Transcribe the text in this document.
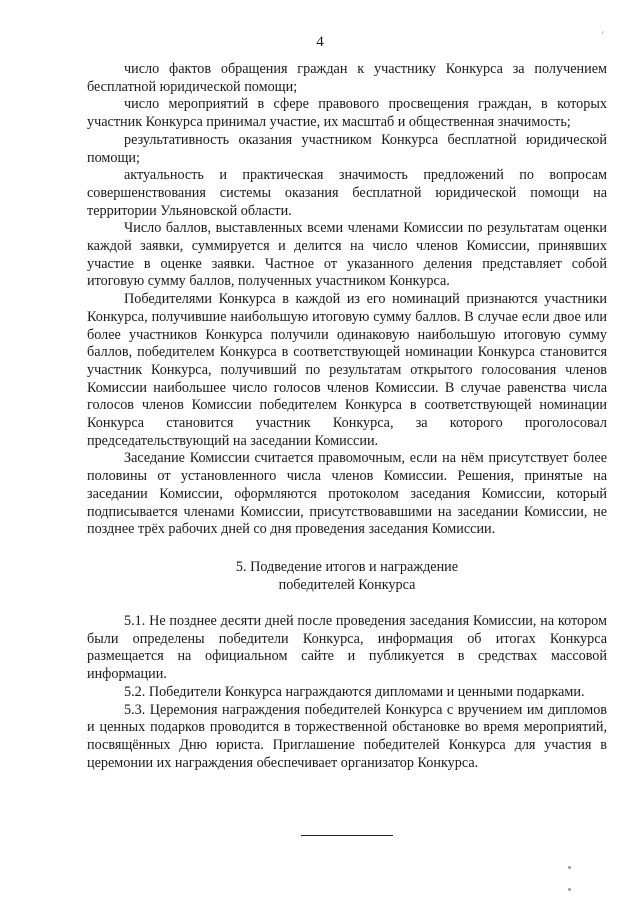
4	'

число фактов обращения граждан к участнику Конкурса за получением бесплатной юридической помощи;

число мероприятий в сфере правового просвещения граждан, в которых участник Конкурса принимал участие, их масштаб и общественная значимость;

результативность оказания участником Конкурса бесплатной юридической помощи;

актуальность и практическая значимость предложений по вопросам совершенствования системы оказания бесплатной юридической помощи на территории Ульяновской области.

Число баллов, выставленных всеми членами Комиссии по результатам оценки каждой заявки, суммируется и делится на число членов Комиссии, принявших участие в оценке заявки. Частное от указанного деления представляет собой итоговую сумму баллов, полученных участником Конкурса.

Победителями Конкурса в каждой из его номинаций признаются участники Конкурса, получившие наибольшую итоговую сумму баллов. В случае если двое или более участников Конкурса получили одинаковую наибольшую итоговую сумму баллов, победителем Конкурса в соответствующей номинации Конкурса становится участник Конкурса, получивший по результатам открытого голосования членов Комиссии наибольшее число голосов членов Комиссии. В случае равенства числа голосов членов Комиссии победителем Конкурса в соответствующей номинации Конкурса становится участник Конкурса, за которого проголосовал председательствующий на заседании Комиссии.

Заседание Комиссии считается правомочным, если на нём присутствует более половины от установленного числа членов Комиссии. Решения, принятые на заседании Комиссии, оформляются протоколом заседания Комиссии, который подписывается членами Комиссии, присутствовавшими на заседании Комиссии, не позднее трёх рабочих дней со дня проведения заседания Комиссии.

5. Подведение итогов и награждение
победителей Конкурса

5.1. Не позднее десяти дней после проведения заседания Комиссии, на котором были определены победители Конкурса, информация об итогах Конкурса размещается на официальном сайте и публикуется в средствах массовой информации.

5.2. Победители Конкурса награждаются дипломами и ценными подарками.

5.3. Церемония награждения победителей Конкурса с вручением им дипломов и ценных подарков проводится в торжественной обстановке во время мероприятий, посвящённых Дню юриста. Приглашение победителей Конкурса для участия в церемонии их награждения обеспечивает организатор Конкурса.
